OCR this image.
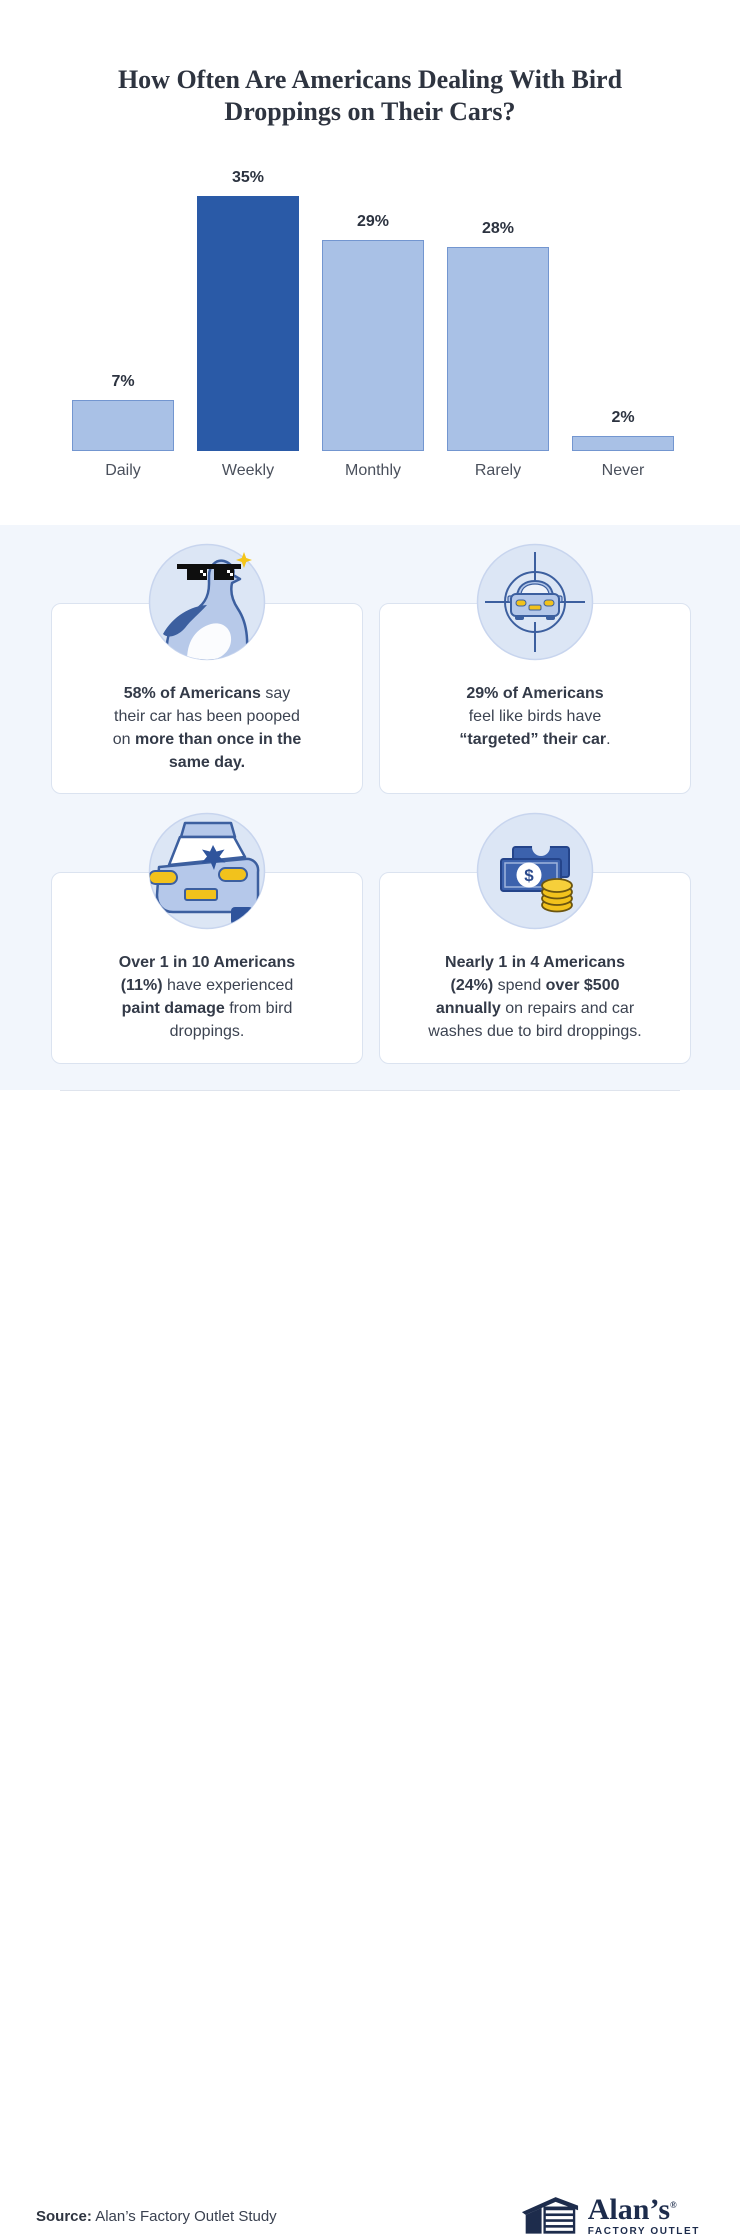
How Often Are Americans Dealing With Bird Droppings on Their Cars?
7%
35%
29%	28%
2%
Daily	Weekly	Monthly	Rarely	Never
58% of Americans say
their car has been pooped
on more than once in the
same day.
29% of Americans
feel like birds have
“targeted” their car.
Over 1 in 10 Americans
(11%) have experienced
paint damage from bird
droppings.
$
Nearly 1 in 4 Americans
(24%) spend over $500
annually on repairs and car
washes due to bird droppings.
Source: Alan’s Factory Outlet Study	Alan’s®
FACTORY OUTLET
